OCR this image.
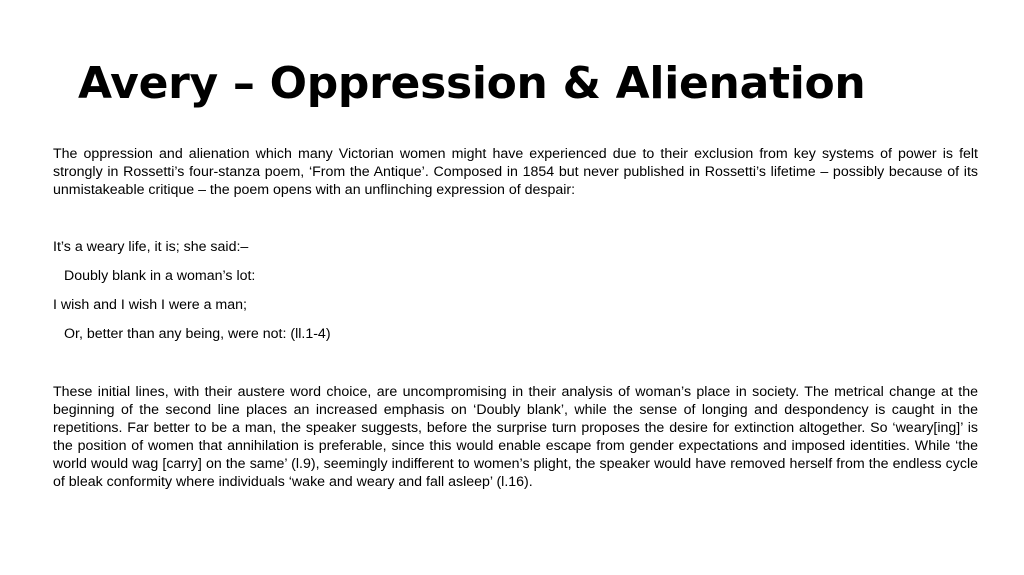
Avery – Oppression & Alienation

The oppression and alienation which many Victorian women might have experienced due to their exclusion from key systems of power is felt strongly in Rossetti’s four-stanza poem, ‘From the Antique’. Composed in 1854 but never published in Rossetti’s lifetime – possibly because of its unmistakeable critique – the poem opens with an unflinching expression of despair:

It’s a weary life, it is; she said:–

Doubly blank in a woman’s lot:

I wish and I wish I were a man;

Or, better than any being, were not: (ll.1-4)

These initial lines, with their austere word choice, are uncompromising in their analysis of woman’s place in society. The metrical change at the beginning of the second line places an increased emphasis on ‘Doubly blank’, while the sense of longing and despondency is caught in the repetitions. Far better to be a man, the speaker suggests, before the surprise turn proposes the desire for extinction altogether. So ‘weary[ing]’ is the position of women that annihilation is preferable, since this would enable escape from gender expectations and imposed identities. While ‘the world would wag [carry] on the same’ (l.9), seemingly indifferent to women’s plight, the speaker would have removed herself from the endless cycle of bleak conformity where individuals ‘wake and weary and fall asleep’ (l.16).
